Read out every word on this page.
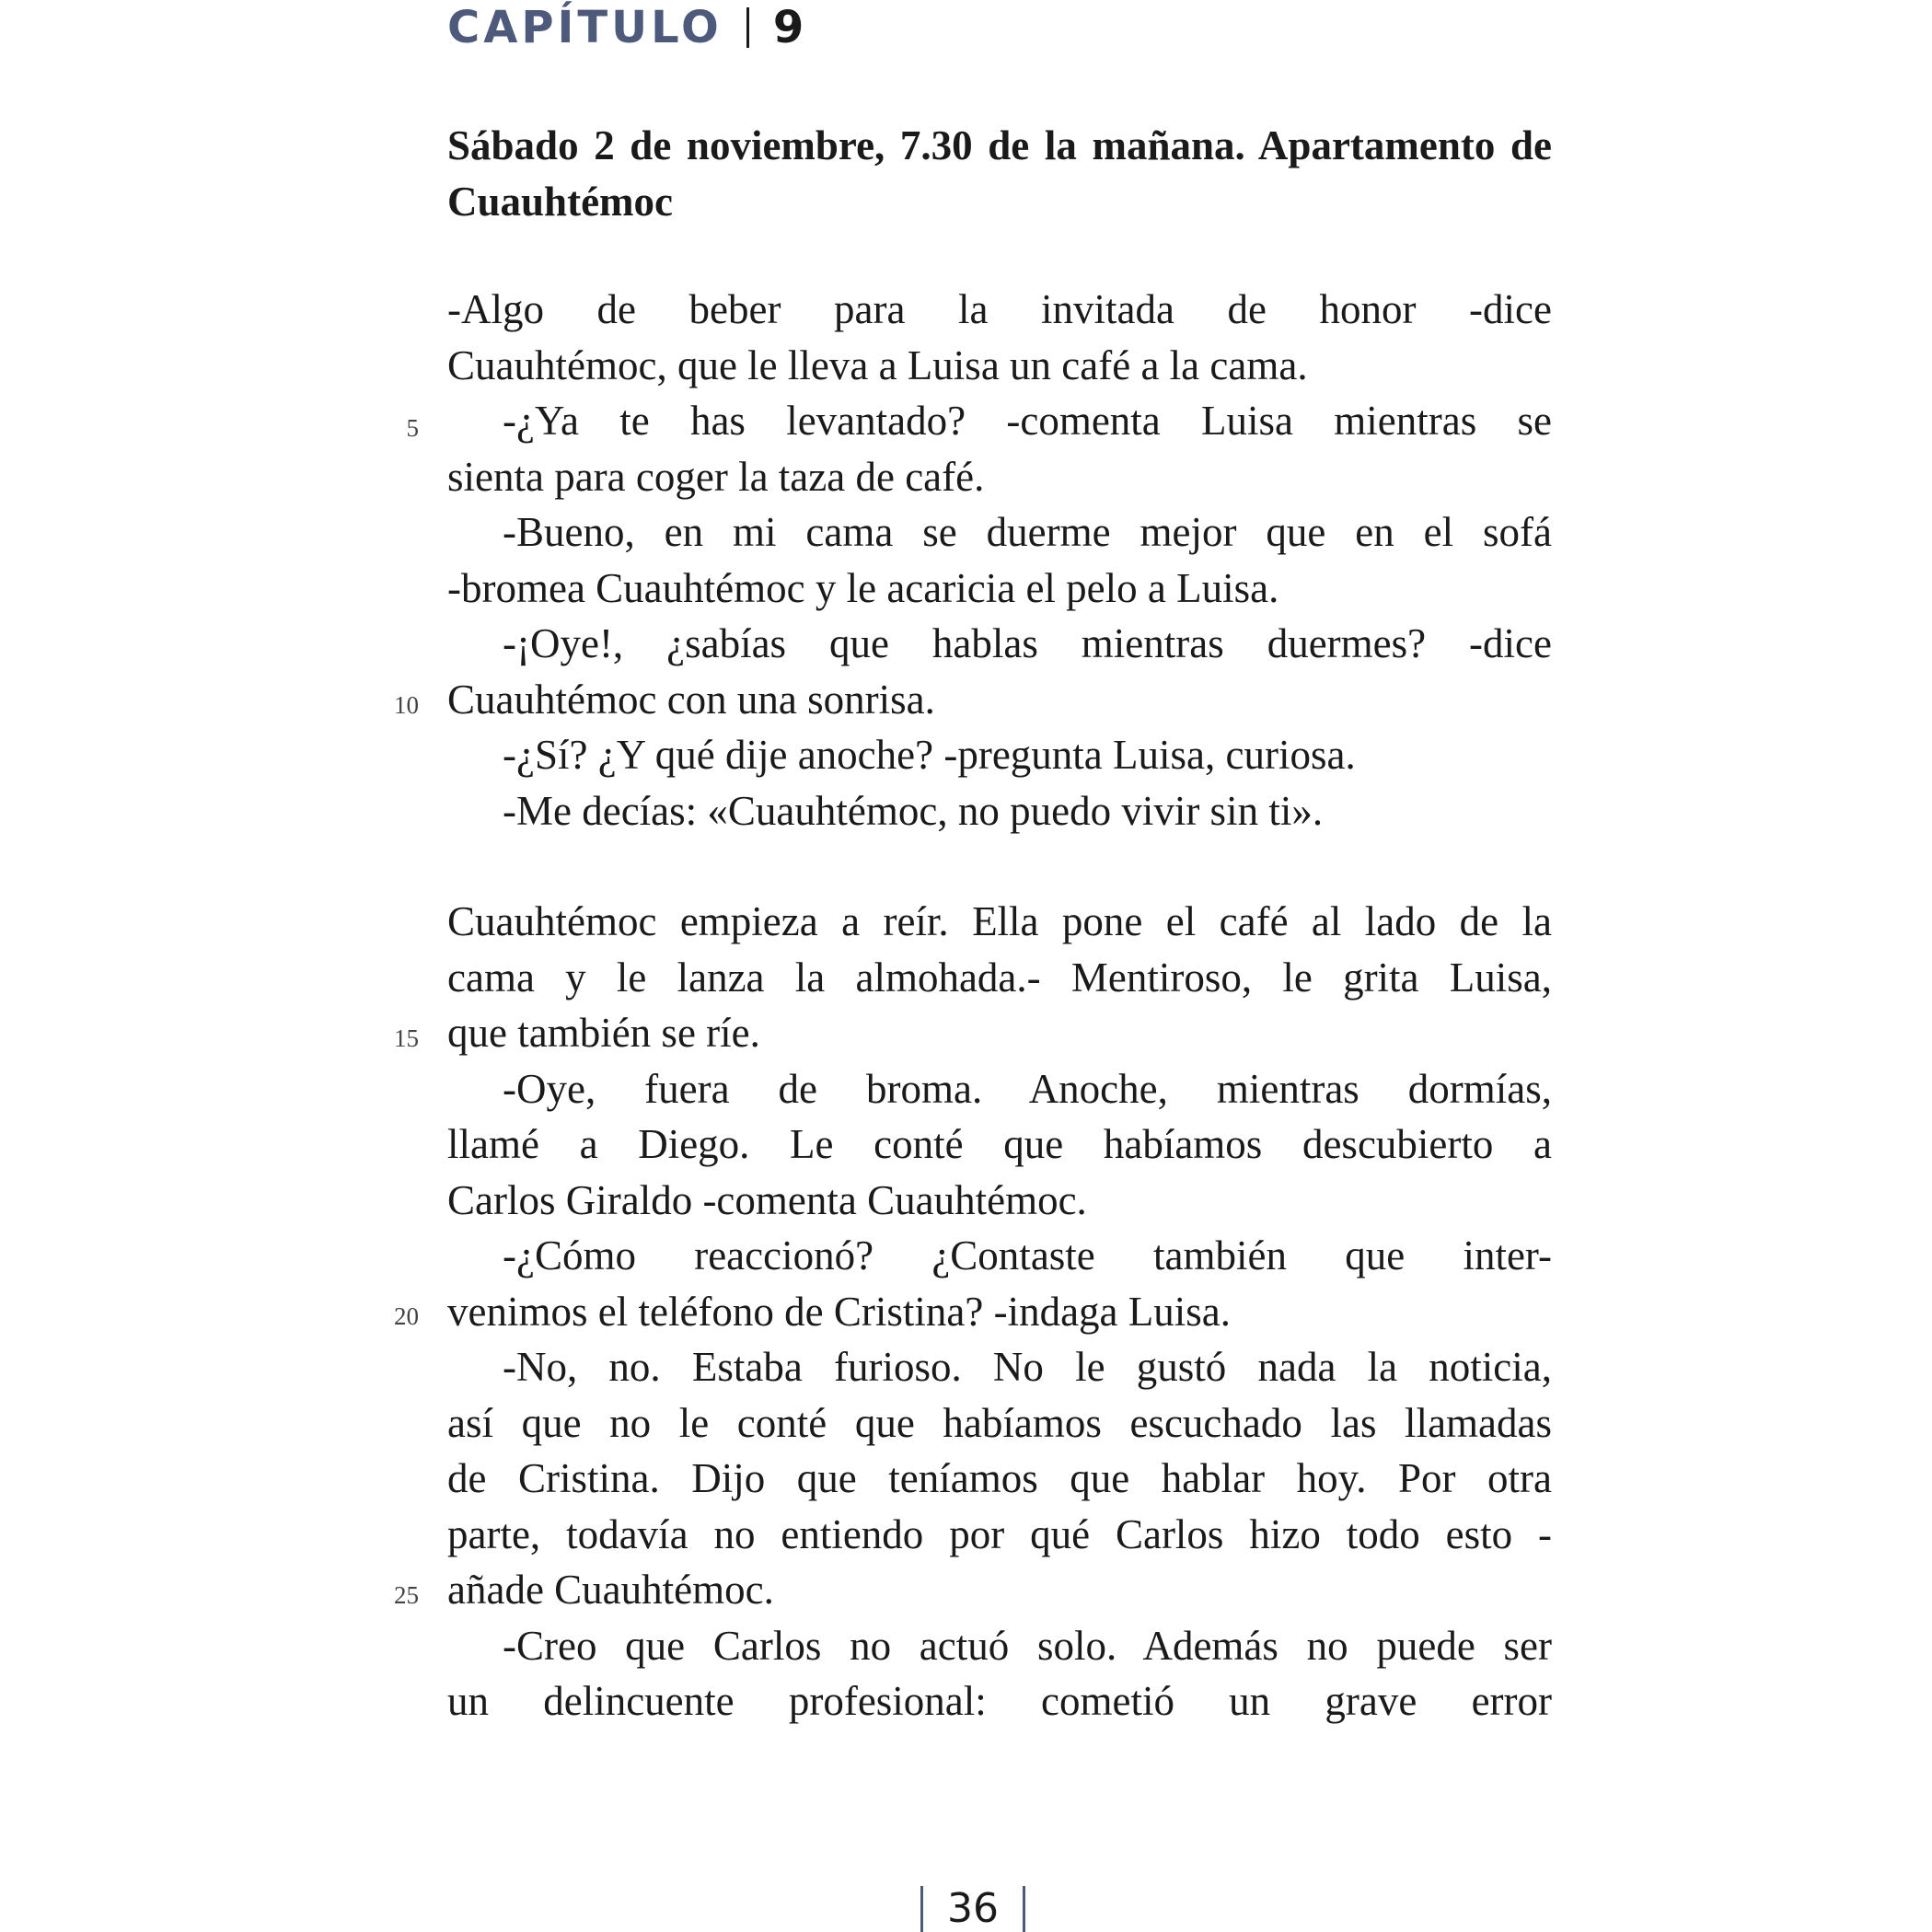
CAPÍTULO 9
Sábado 2 de noviembre, 7.30 de la mañana. Apartamento de Cuauhtémoc
-Algo de beber para la invitada de honor -dice
Cuauhtémoc, que le lleva a Luisa un café a la cama.
-¿Ya te has levantado? -comenta Luisa mientras se
sienta para coger la taza de café.
-Bueno, en mi cama se duerme mejor que en el sofá
-bromea Cuauhtémoc y le acaricia el pelo a Luisa.
-¡Oye!, ¿sabías que hablas mientras duermes? -dice
Cuauhtémoc con una sonrisa.
-¿Sí? ¿Y qué dije anoche? -pregunta Luisa, curiosa.
-Me decías: «Cuauhtémoc, no puedo vivir sin ti».
Cuauhtémoc empieza a reír. Ella pone el café al lado de la
cama y le lanza la almohada.- Mentiroso, le grita Luisa,
que también se ríe.
-Oye, fuera de broma. Anoche, mientras dormías,
llamé a Diego. Le conté que habíamos descubierto a
Carlos Giraldo -comenta Cuauhtémoc.
-¿Cómo reaccionó? ¿Contaste también que inter-
venimos el teléfono de Cristina? -indaga Luisa.
-No, no. Estaba furioso. No le gustó nada la noticia,
así que no le conté que habíamos escuchado las llamadas
de Cristina. Dijo que teníamos que hablar hoy. Por otra
parte, todavía no entiendo por qué Carlos hizo todo esto -
añade Cuauhtémoc.
-Creo que Carlos no actuó solo. Además no puede ser
un delincuente profesional: cometió un grave error
5
10
15
20
25
36
